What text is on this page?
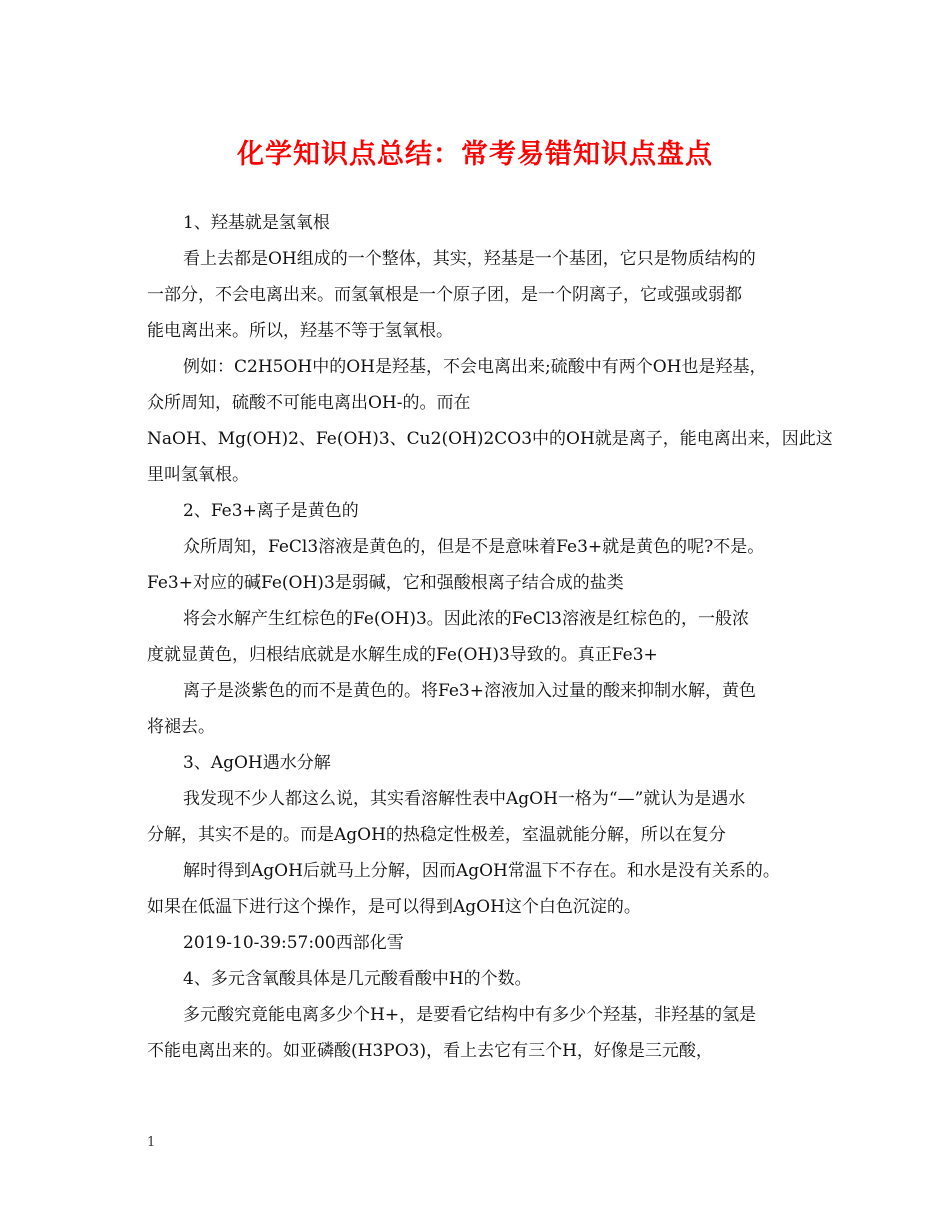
化学知识点总结：常考易错知识点盘点
1、羟基就是氢氧根
看上去都是OH组成的一个整体，其实，羟基是一个基团，它只是物质结构的
一部分，不会电离出来。而氢氧根是一个原子团，是一个阴离子，它或强或弱都
能电离出来。所以，羟基不等于氢氧根。
例如：C2H5OH中的OH是羟基，不会电离出来;硫酸中有两个OH也是羟基，
众所周知，硫酸不可能电离出OH-的。而在
NaOH、Mg(OH)2、Fe(OH)3、Cu2(OH)2CO3中的OH就是离子，能电离出来，因此这
里叫氢氧根。
2、Fe3+离子是黄色的
众所周知，FeCl3溶液是黄色的，但是不是意味着Fe3+就是黄色的呢?不是。
Fe3+对应的碱Fe(OH)3是弱碱，它和强酸根离子结合成的盐类
将会水解产生红棕色的Fe(OH)3。因此浓的FeCl3溶液是红棕色的，一般浓
度就显黄色，归根结底就是水解生成的Fe(OH)3导致的。真正Fe3+
离子是淡紫色的而不是黄色的。将Fe3+溶液加入过量的酸来抑制水解，黄色
将褪去。
3、AgOH遇水分解
我发现不少人都这么说，其实看溶解性表中AgOH一格为“—”就认为是遇水
分解，其实不是的。而是AgOH的热稳定性极差，室温就能分解，所以在复分
解时得到AgOH后就马上分解，因而AgOH常温下不存在。和水是没有关系的。
如果在低温下进行这个操作，是可以得到AgOH这个白色沉淀的。
2019-10-39:57:00西部化雪
4、多元含氧酸具体是几元酸看酸中H的个数。
多元酸究竟能电离多少个H+，是要看它结构中有多少个羟基，非羟基的氢是
不能电离出来的。如亚磷酸(H3PO3)，看上去它有三个H，好像是三元酸，
1
